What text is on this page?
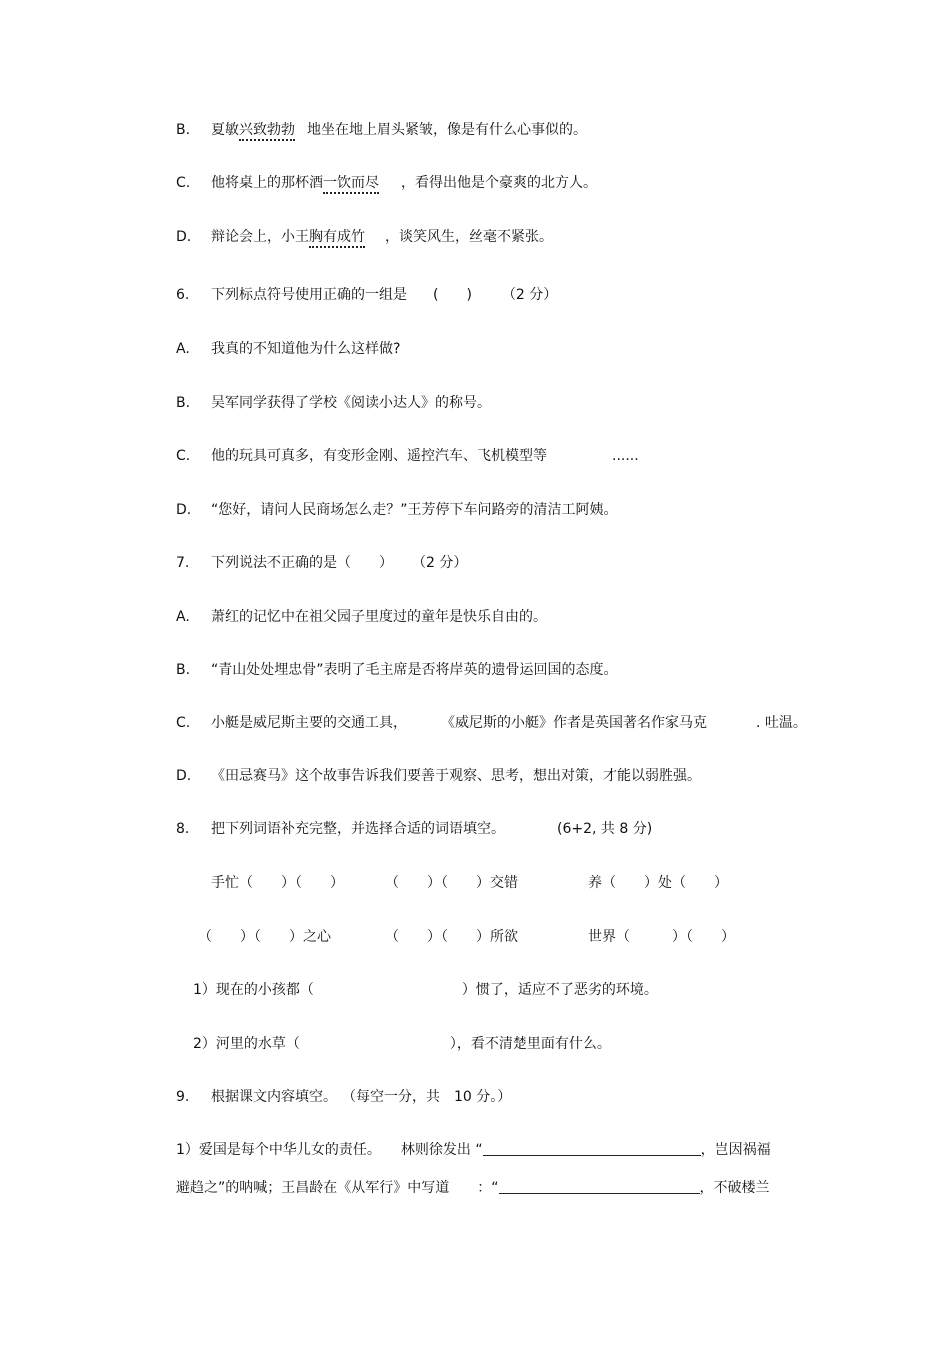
B. 夏敏兴致勃勃 地坐在地上眉头紧皱，像是有什么心事似的。
C. 他将桌上的那杯酒一饮而尽 ，看得出他是个豪爽的北方人。
D. 辩论会上，小王胸有成竹 ，谈笑风生，丝毫不紧张。
6. 下列标点符号使用正确的一组是 (　　) （2 分）
A. 我真的不知道他为什么这样做?
B. 吴军同学获得了学校《阅读小达人》的称号。
C. 他的玩具可真多，有变形金刚、遥控汽车、飞机模型等	......
D. “您好，请问人民商场怎么走？”王芳停下车问路旁的清洁工阿姨。
7. 下列说法不正确的是（　　） （2 分）
A. 萧红的记忆中在祖父园子里度过的童年是快乐自由的。
B. “青山处处埋忠骨”表明了毛主席是否将岸英的遗骨运回国的态度。
C. 小艇是威尼斯主要的交通工具， 《威尼斯的小艇》作者是英国著名作家马克	. 吐温。
D. 《田忌赛马》这个故事告诉我们要善于观察、思考，想出对策，才能以弱胜强。
8. 把下列词语补充完整，并选择合适的词语填空。	(6+2, 共 8 分)
手忙（　　）（　　）	（　　）（　　）交错	养（　　）处（　　）
（　　）（　　）之心	（　　）（　　）所欲	世界（　　　）（　　）
1）现在的小孩都（	）惯了，适应不了恶劣的环境。
2）河里的水草（	），看不清楚里面有什么。
9. 根据课文内容填空。 （每空一分，共　10 分。）
1）爱国是每个中华儿女的责任。 林则徐发出 “	，岂因祸福
避趋之”的呐喊；王昌龄在《从军行》中写道 ：“	，不破楼兰
